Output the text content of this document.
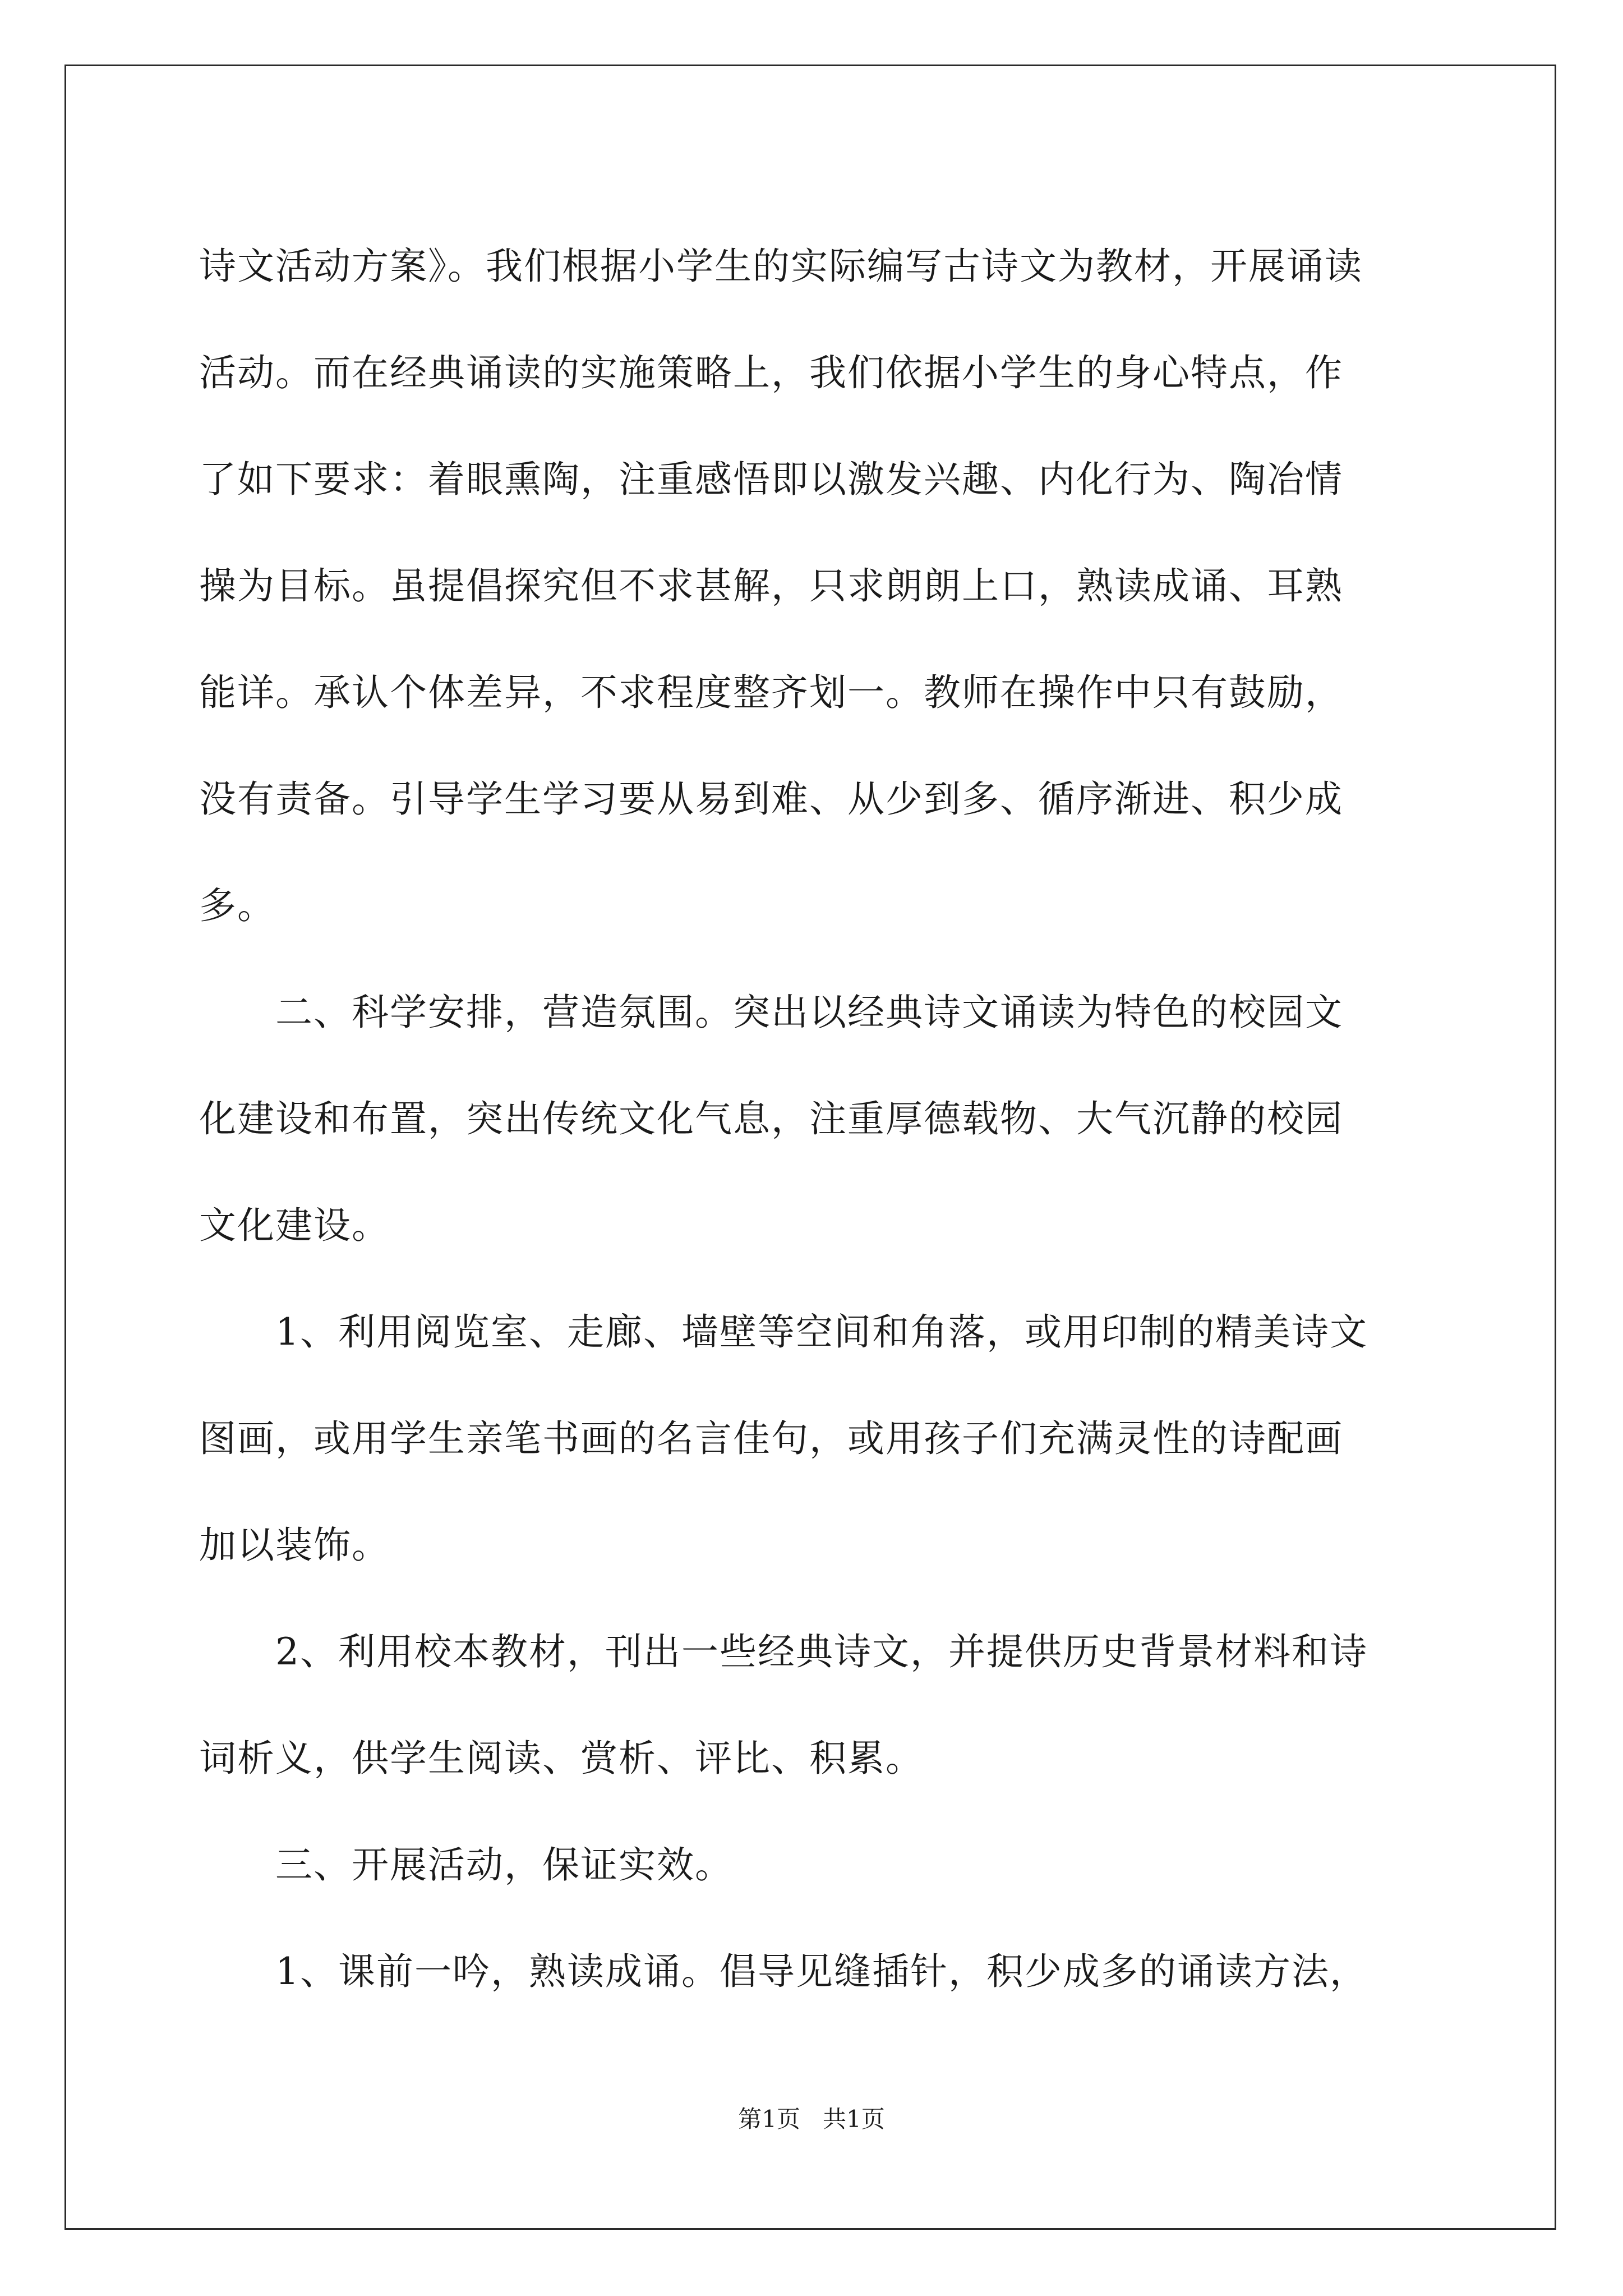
诗文活动方案》。我们根据小学生的实际编写古诗文为教材，开展诵读
活动。而在经典诵读的实施策略上，我们依据小学生的身心特点，作
了如下要求：着眼熏陶，注重感悟即以激发兴趣、内化行为、陶冶情
操为目标。虽提倡探究但不求甚解，只求朗朗上口，熟读成诵、耳熟
能详。承认个体差异，不求程度整齐划一。教师在操作中只有鼓励，
没有责备。引导学生学习要从易到难、从少到多、循序渐进、积少成
多。
　　二、科学安排，营造氛围。突出以经典诗文诵读为特色的校园文
化建设和布置，突出传统文化气息，注重厚德载物、大气沉静的校园
文化建设。
　　1、利用阅览室、走廊、墙壁等空间和角落，或用印制的精美诗文
图画，或用学生亲笔书画的名言佳句，或用孩子们充满灵性的诗配画
加以装饰。
　　2、利用校本教材，刊出一些经典诗文，并提供历史背景材料和诗
词析义，供学生阅读、赏析、评比、积累。
　　三、开展活动，保证实效。
　　1、课前一吟，熟读成诵。倡导见缝插针，积少成多的诵读方法，
第1页   共1页
